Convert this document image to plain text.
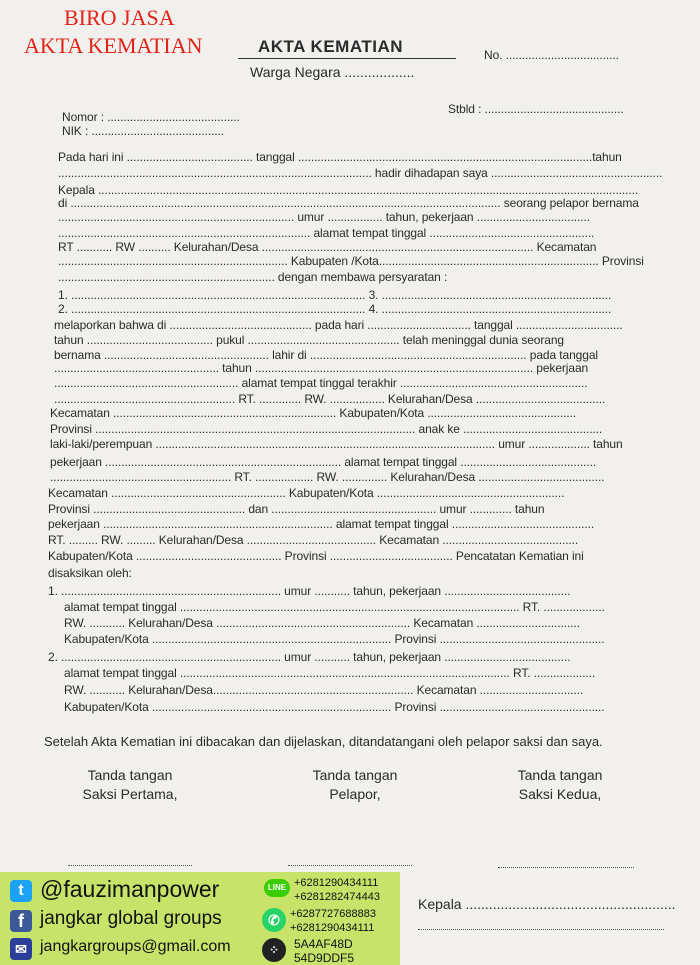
BIRO JASA
AKTA KEMATIAN	AKTA KEMATIAN
Warga Negara ..................
No. ...................................
Stbld : ...........................................
Nomor : .........................................
NIK : .........................................
Pada hari ini ....................................... tanggal ...........................................................................................tahun
................................................................................................. hadir dihadapan saya .....................................................
Kepala .......................................................................................................................................................................
di ..................................................................................................................................... seorang pelapor bernama
......................................................................... umur ................. tahun, pekerjaan ...................................
.............................................................................. alamat tempat tinggal ...................................................
RT ........... RW .......... Kelurahan/Desa .................................................................................... Kecamatan
....................................................................... Kabupaten /Kota.................................................................... Provinsi
................................................................... dengan membawa persyaratan :
1. ........................................................................................... 3. .......................................................................
2. ........................................................................................... 4. .......................................................................
melaporkan bahwa di ............................................ pada hari ................................ tanggal .................................
tahun ....................................... pukul ............................................... telah meninggal dunia seorang
bernama ................................................... lahir di ................................................................... pada tanggal
................................................... tahun ...................................................................................... pekerjaan
......................................................... alamat tempat tinggal terakhir ..........................................................
........................................................ RT. ............. RW. ................. Kelurahan/Desa ........................................
Kecamatan ..................................................................... Kabupaten/Kota ..............................................
Provinsi ................................................................................................... anak ke ...........................................
laki-laki/perempuan ......................................................................................................... umur ................... tahun
pekerjaan ......................................................................... alamat tempat tinggal ..........................................
........................................................ RT. .................. RW. .............. Kelurahan/Desa .......................................
Kecamatan ...................................................... Kabupaten/Kota ..........................................................
Provinsi ............................................... dan ................................................... umur ............. tahun
pekerjaan ....................................................................... alamat tempat tinggal ............................................
RT. ......... RW. ......... Kelurahan/Desa ........................................ Kecamatan ..........................................
Kabupaten/Kota ............................................. Provinsi ...................................... Pencatatan Kematian ini
disaksikan oleh:
1. .................................................................... umur ........... tahun, pekerjaan .......................................
alamat tempat tinggal ......................................................................................................... RT. ...................
RW. ........... Kelurahan/Desa ............................................................ Kecamatan ................................
Kabupaten/Kota .......................................................................... Provinsi ...................................................
2. .................................................................... umur ........... tahun, pekerjaan .......................................
alamat tempat tinggal ...................................................................................................... RT. ...................
RW. ........... Kelurahan/Desa.............................................................. Kecamatan ................................
Kabupaten/Kota .......................................................................... Provinsi ...................................................
Setelah Akta Kematian ini dibacakan dan dijelaskan, ditandatangani oleh pelapor saksi dan saya.
Tanda tangan
Saksi Pertama,
Tanda tangan
Pelapor,
Tanda tangan
Saksi Kedua,
Kepala ......................................................
t @fauzimanpower
f jangkar global groups
✉ jangkargroups@gmail.com
LINE +6281290434111
+6281282474443
✆ +6287727688883
+6281290434111
⁘	5A4AF48D
54D9DDF5
